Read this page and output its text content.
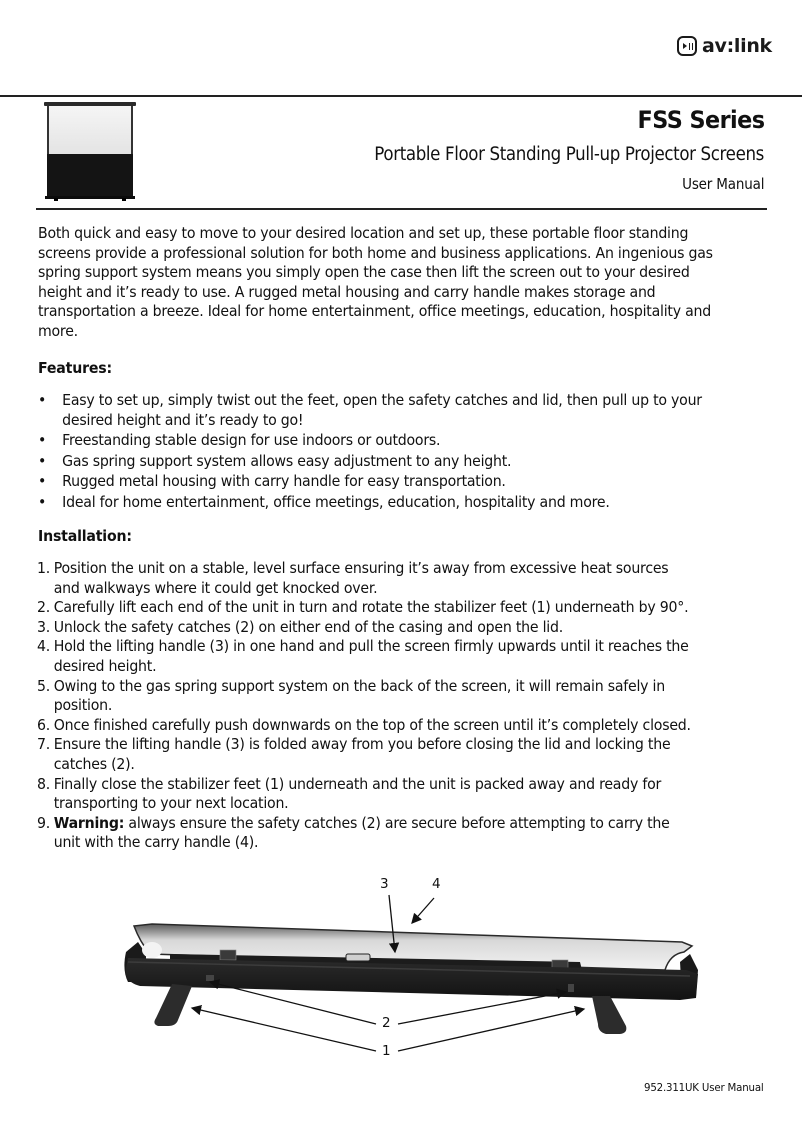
av:link
FSS Series
Portable Floor Standing Pull-up Projector Screens
User Manual
Both quick and easy to move to your desired location and set up, these portable floor standing
screens provide a professional solution for both home and business applications. An ingenious gas
spring support system means you simply open the case then lift the screen out to your desired
height and it’s ready to use. A rugged metal housing and carry handle makes storage and
transportation a breeze. Ideal for home entertainment, office meetings, education, hospitality and
more.
Features:
• Easy to set up, simply twist out the feet, open the safety catches and lid, then pull up to your
desired height and it’s ready to go!
• Freestanding stable design for use indoors or outdoors.
• Gas spring support system allows easy adjustment to any height.
• Rugged metal housing with carry handle for easy transportation.
• Ideal for home entertainment, office meetings, education, hospitality and more.
Installation:
1. Position the unit on a stable, level surface ensuring it’s away from excessive heat sources
and walkways where it could get knocked over.
2. Carefully lift each end of the unit in turn and rotate the stabilizer feet (1) underneath by 90°.
3. Unlock the safety catches (2) on either end of the casing and open the lid.
4. Hold the lifting handle (3) in one hand and pull the screen firmly upwards until it reaches the
desired height.
5. Owing to the gas spring support system on the back of the screen, it will remain safely in
position.
6. Once finished carefully push downwards on the top of the screen until it’s completely closed.
7. Ensure the lifting handle (3) is folded away from you before closing the lid and locking the
catches (2).
8. Finally close the stabilizer feet (1) underneath and the unit is packed away and ready for
transporting to your next location.
9. Warning: always ensure the safety catches (2) are secure before attempting to carry the
unit with the carry handle (4).
3	4
2
1
952.311UK User Manual
